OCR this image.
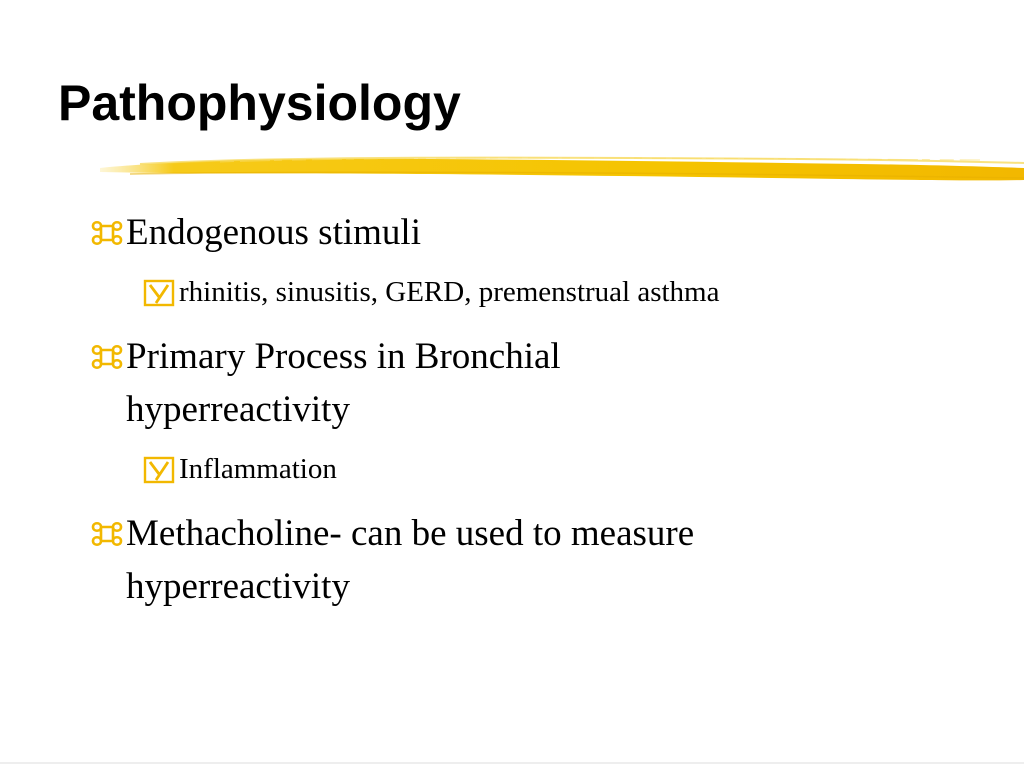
Pathophysiology
Endogenous stimuli
rhinitis, sinusitis, GERD, premenstrual asthma
Primary Process in Bronchial hyperreactivity
Inflammation
Methacholine- can be used to measure hyperreactivity
